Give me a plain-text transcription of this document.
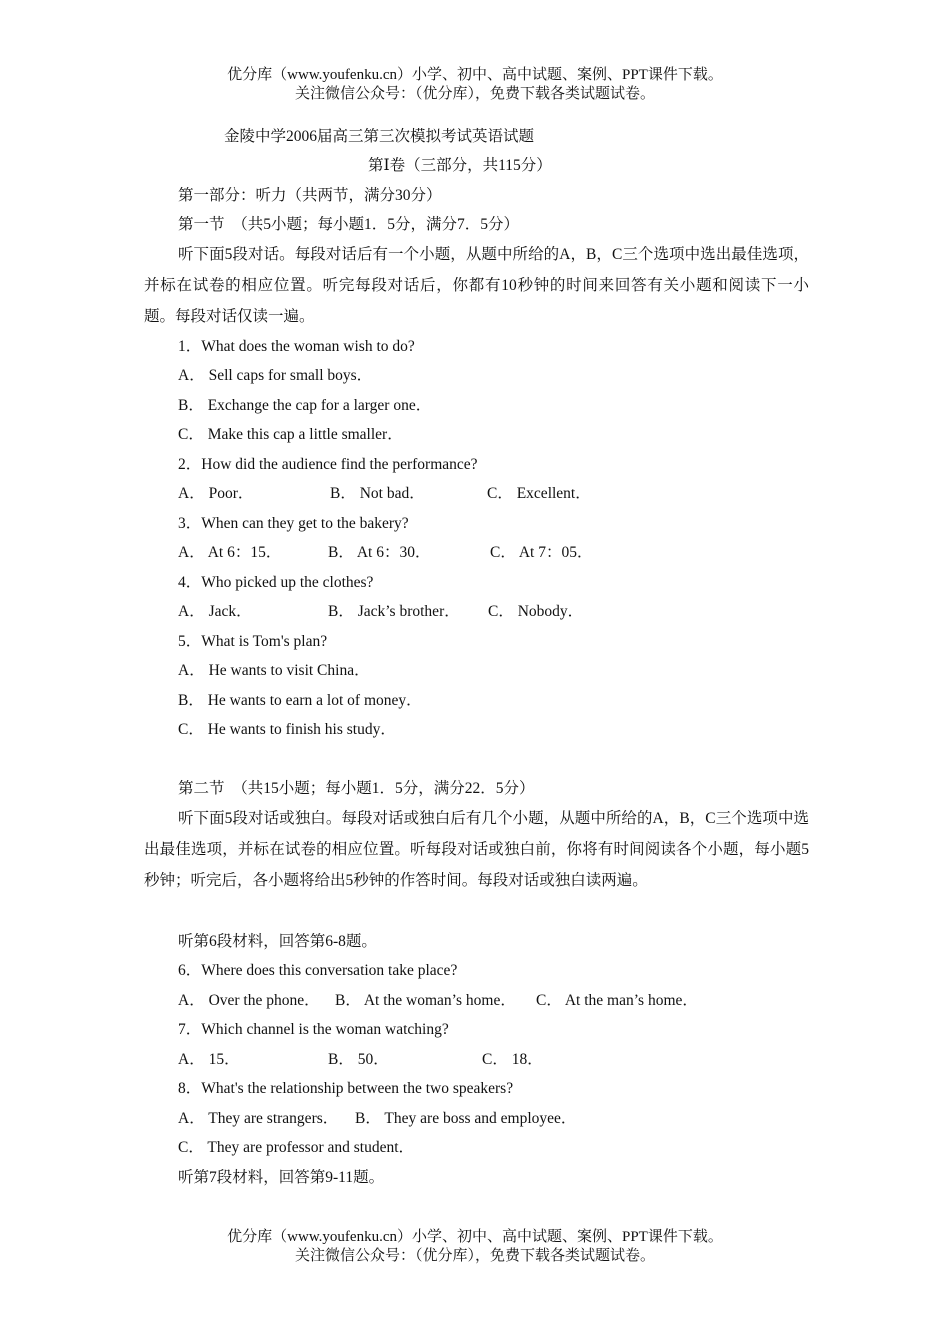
优分库（www.youfenku.cn）小学、初中、高中试题、案例、PPT课件下载。
关注微信公众号：（优分库），免费下载各类试题试卷。
金陵中学2006届高三第三次模拟考试英语试题
第Ⅰ卷（三部分，共115分）
第一部分：听力（共两节，满分30分）
第一节　（共5小题；每小题1．5分，满分7．5分）
听下面5段对话。每段对话后有一个小题，从题中所给的A，B，C三个选项中选出最佳选项，并标在试卷的相应位置。听完每段对话后，你都有10秒钟的时间来回答有关小题和阅读下一小题。每段对话仅读一遍。
1．What does the woman wish to do?
A． Sell caps for small boys．
B． Exchange the cap for a larger one．
C． Make this cap a little smaller．
2．How did the audience find the performance?
A． Poor．	B． Not bad．	C． Excellent．
3．When can they get to the bakery?
A． At 6：15．	B． At 6：30．	C． At 7：05．
4．Who picked up the clothes?
A． Jack．	B． Jack’s brother． C． Nobody．
5．What is Tom's plan?
A． He wants to visit China．
B． He wants to earn a lot of money．
C． He wants to finish his study．
第二节　（共15小题；每小题1．5分，满分22．5分）
听下面5段对话或独白。每段对话或独白后有几个小题，从题中所给的A，B，C三个选项中选出最佳选项，并标在试卷的相应位置。听每段对话或独白前，你将有时间阅读各个小题，每小题5秒钟；听完后，各小题将给出5秒钟的作答时间。每段对话或独白读两遍。
听第6段材料，回答第6-8题。
6．Where does this conversation take place?
A． Over the phone． B． At the woman’s home． C． At the man’s home．
7．Which channel is the woman watching?
A． 15．	B． 50．	C． 18．
8．What's the relationship between the two speakers?
A． They are strangers． B． They are boss and employee．
C． They are professor and student．
听第7段材料，回答第9-11题。
优分库（www.youfenku.cn）小学、初中、高中试题、案例、PPT课件下载。
关注微信公众号：（优分库），免费下载各类试题试卷。
